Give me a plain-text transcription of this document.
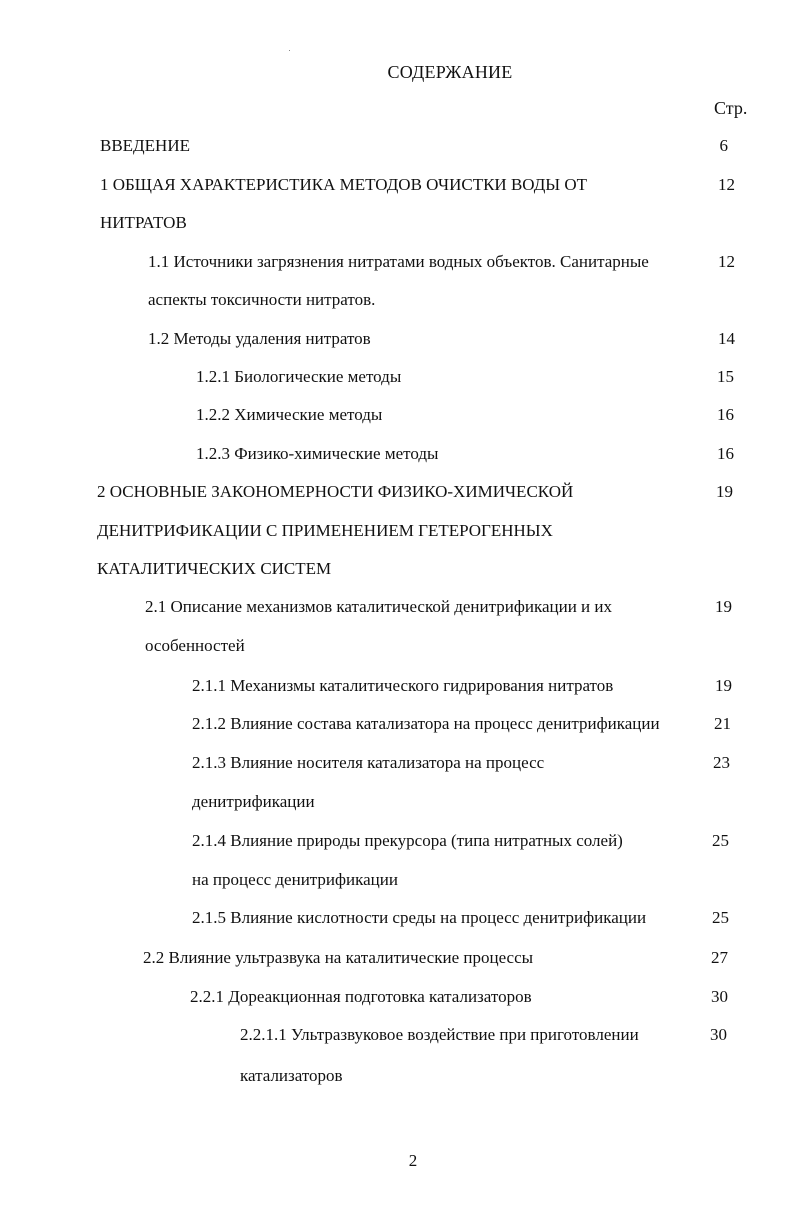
СОДЕРЖАНИЕ
Стр.
ВВЕДЕНИЕ	6
1 ОБЩАЯ ХАРАКТЕРИСТИКА МЕТОДОВ ОЧИСТКИ ВОДЫ ОТ	12
НИТРАТОВ
1.1 Источники загрязнения нитратами водных объектов. Санитарные	12
аспекты токсичности нитратов.
1.2 Методы удаления нитратов	14
1.2.1 Биологические методы	15
1.2.2 Химические методы	16
1.2.3 Физико-химические методы	16
2 ОСНОВНЫЕ ЗАКОНОМЕРНОСТИ ФИЗИКО-ХИМИЧЕСКОЙ	19
ДЕНИТРИФИКАЦИИ С ПРИМЕНЕНИЕМ ГЕТЕРОГЕННЫХ
КАТАЛИТИЧЕСКИХ СИСТЕМ
2.1 Описание механизмов каталитической денитрификации и их	19
особенностей
2.1.1 Механизмы каталитического гидрирования нитратов	19
2.1.2 Влияние состава катализатора на процесс денитрификации	21
2.1.3 Влияние носителя катализатора на процесс	23
денитрификации
2.1.4 Влияние природы прекурсора (типа нитратных солей)	25
на процесс денитрификации
2.1.5 Влияние кислотности среды на процесс денитрификации	25
2.2 Влияние ультразвука на каталитические процессы	27
2.2.1 Дореакционная подготовка катализаторов	30
2.2.1.1 Ультразвуковое воздействие при приготовлении	30
катализаторов
2
